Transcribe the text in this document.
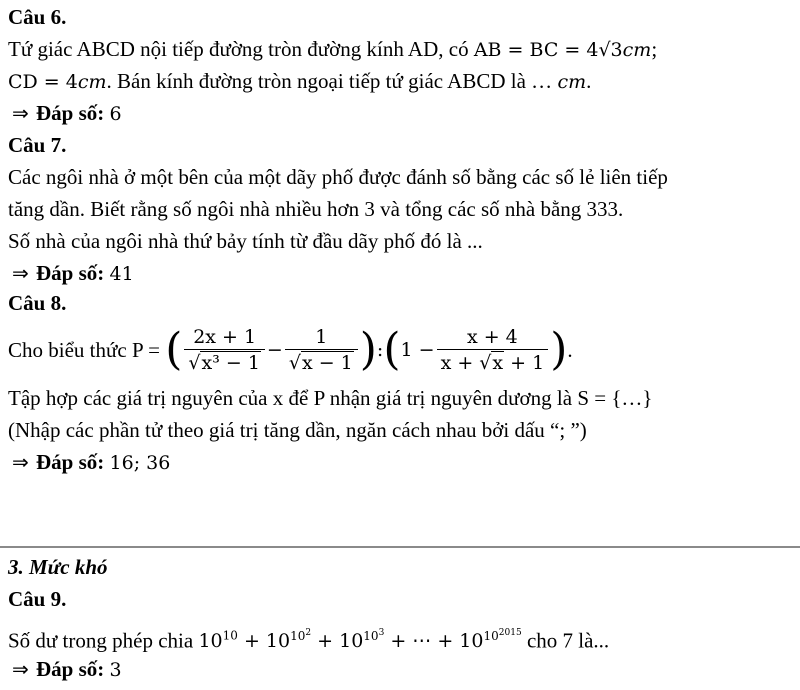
Câu 6.
Tứ giác ABCD nội tiếp đường tròn đường kính AD, có AB = BC = 4√3cm;
CD = 4cm. Bán kính đường tròn ngoại tiếp tứ giác ABCD là … cm.
⇒ Đáp số: 6
Câu 7.
Các ngôi nhà ở một bên của một dãy phố được đánh số bằng các số lẻ liên tiếp
tăng dần. Biết rằng số ngôi nhà nhiều hơn 3 và tổng các số nhà bằng 333.
Số nhà của ngôi nhà thứ bảy tính từ đầu dãy phố đó là ...
⇒ Đáp số: 41
Câu 8.
Cho biểu thức P = ( $\frac{2x + 1}{\text{√x³ − 1}} - \frac{1}{√x - 1}$ ):(1 − $\frac{x + 4}{x + √x + 1}$ ).
Tập hợp các giá trị nguyên của x để P nhận giá trị nguyên dương là S = {…}
(Nhập các phần tử theo giá trị tăng dần, ngăn cách nhau bởi dấu “; ”)
⇒ Đáp số: 16; 36
3. Mức khó
Câu 9.
Số dư trong phép chia $10^{10} + 10^{10^2} + 10^{10^3}$ + ⋯ + $10^{10^{2015}}$ cho 7 là...
⇒ Đáp số: 3
